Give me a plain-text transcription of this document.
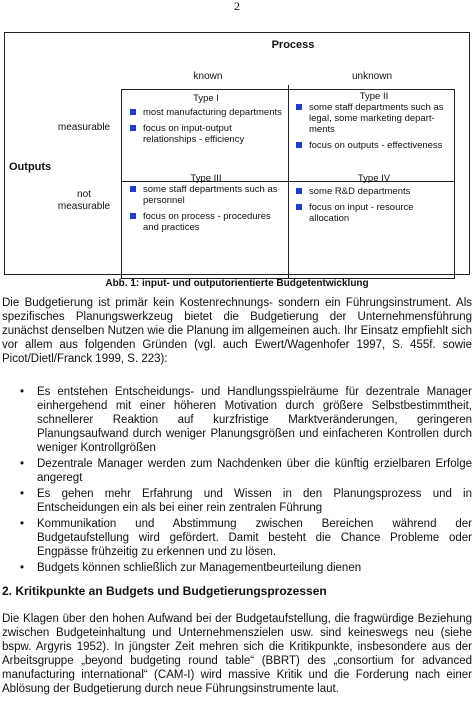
2
Process
known	unknown
Outputs
measurable
not
measurable
Type I
most manufacturing departments
focus on input-output relationships - efficiency
Type II
some staff departments such as legal, some marketing depart-ments
focus on outputs - effectiveness
Type III
some staff departments such as personnel
focus on process - procedures and practices
Type IV
some R&D departments
focus on input - resource allocation
Abb. 1: input- und outputorientierte Budgetentwicklung

Die Budgetierung ist primär kein Kostenrechnungs- sondern ein Führungsinstrument. Als spezifisches Planungswerkzeug bietet die Budgetierung der Unternehmensführung zunächst denselben Nutzen wie die Planung im allgemeinen auch. Ihr Einsatz empfiehlt sich vor allem aus folgenden Gründen (vgl. auch Ewert/Wagenhofer 1997, S. 455f. sowie Picot/Dietl/Franck 1999, S. 223):

• Es entstehen Entscheidungs- und Handlungsspielräume für dezentrale Manager einhergehend mit einer höheren Motivation durch größere Selbstbestimmtheit, schnellerer Reaktion auf kurzfristige Marktveränderungen, geringeren Planungsaufwand durch weniger Planungsgrößen und einfacheren Kontrollen durch weniger Kontrollgrößen
• Dezentrale Manager werden zum Nachdenken über die künftig erzielbaren Erfolge angeregt
• Es gehen mehr Erfahrung und Wissen in den Planungsprozess und in Entscheidungen ein als bei einer rein zentralen Führung
• Kommunikation und Abstimmung zwischen Bereichen während der Budgetaufstellung wird gefördert. Damit besteht die Chance Probleme oder Engpässe frühzeitig zu erkennen und zu lösen.
• Budgets können schließlich zur Managementbeurteilung dienen
2. Kritikpunkte an Budgets und Budgetierungsprozessen

Die Klagen über den hohen Aufwand bei der Budgetaufstellung, die fragwürdige Beziehung zwischen Budgeteinhaltung und Unternehmenszielen usw. sind keineswegs neu (siehe bspw. Argyris 1952). In jüngster Zeit mehren sich die Kritikpunkte, insbesondere aus der Arbeitsgruppe „beyond budgeting round table“ (BBRT) des „consortium for advanced manufacturing international“ (CAM-I) wird massive Kritik und die Forderung nach einer Ablösung der Budgetierung durch neue Führungsinstrumente laut.
